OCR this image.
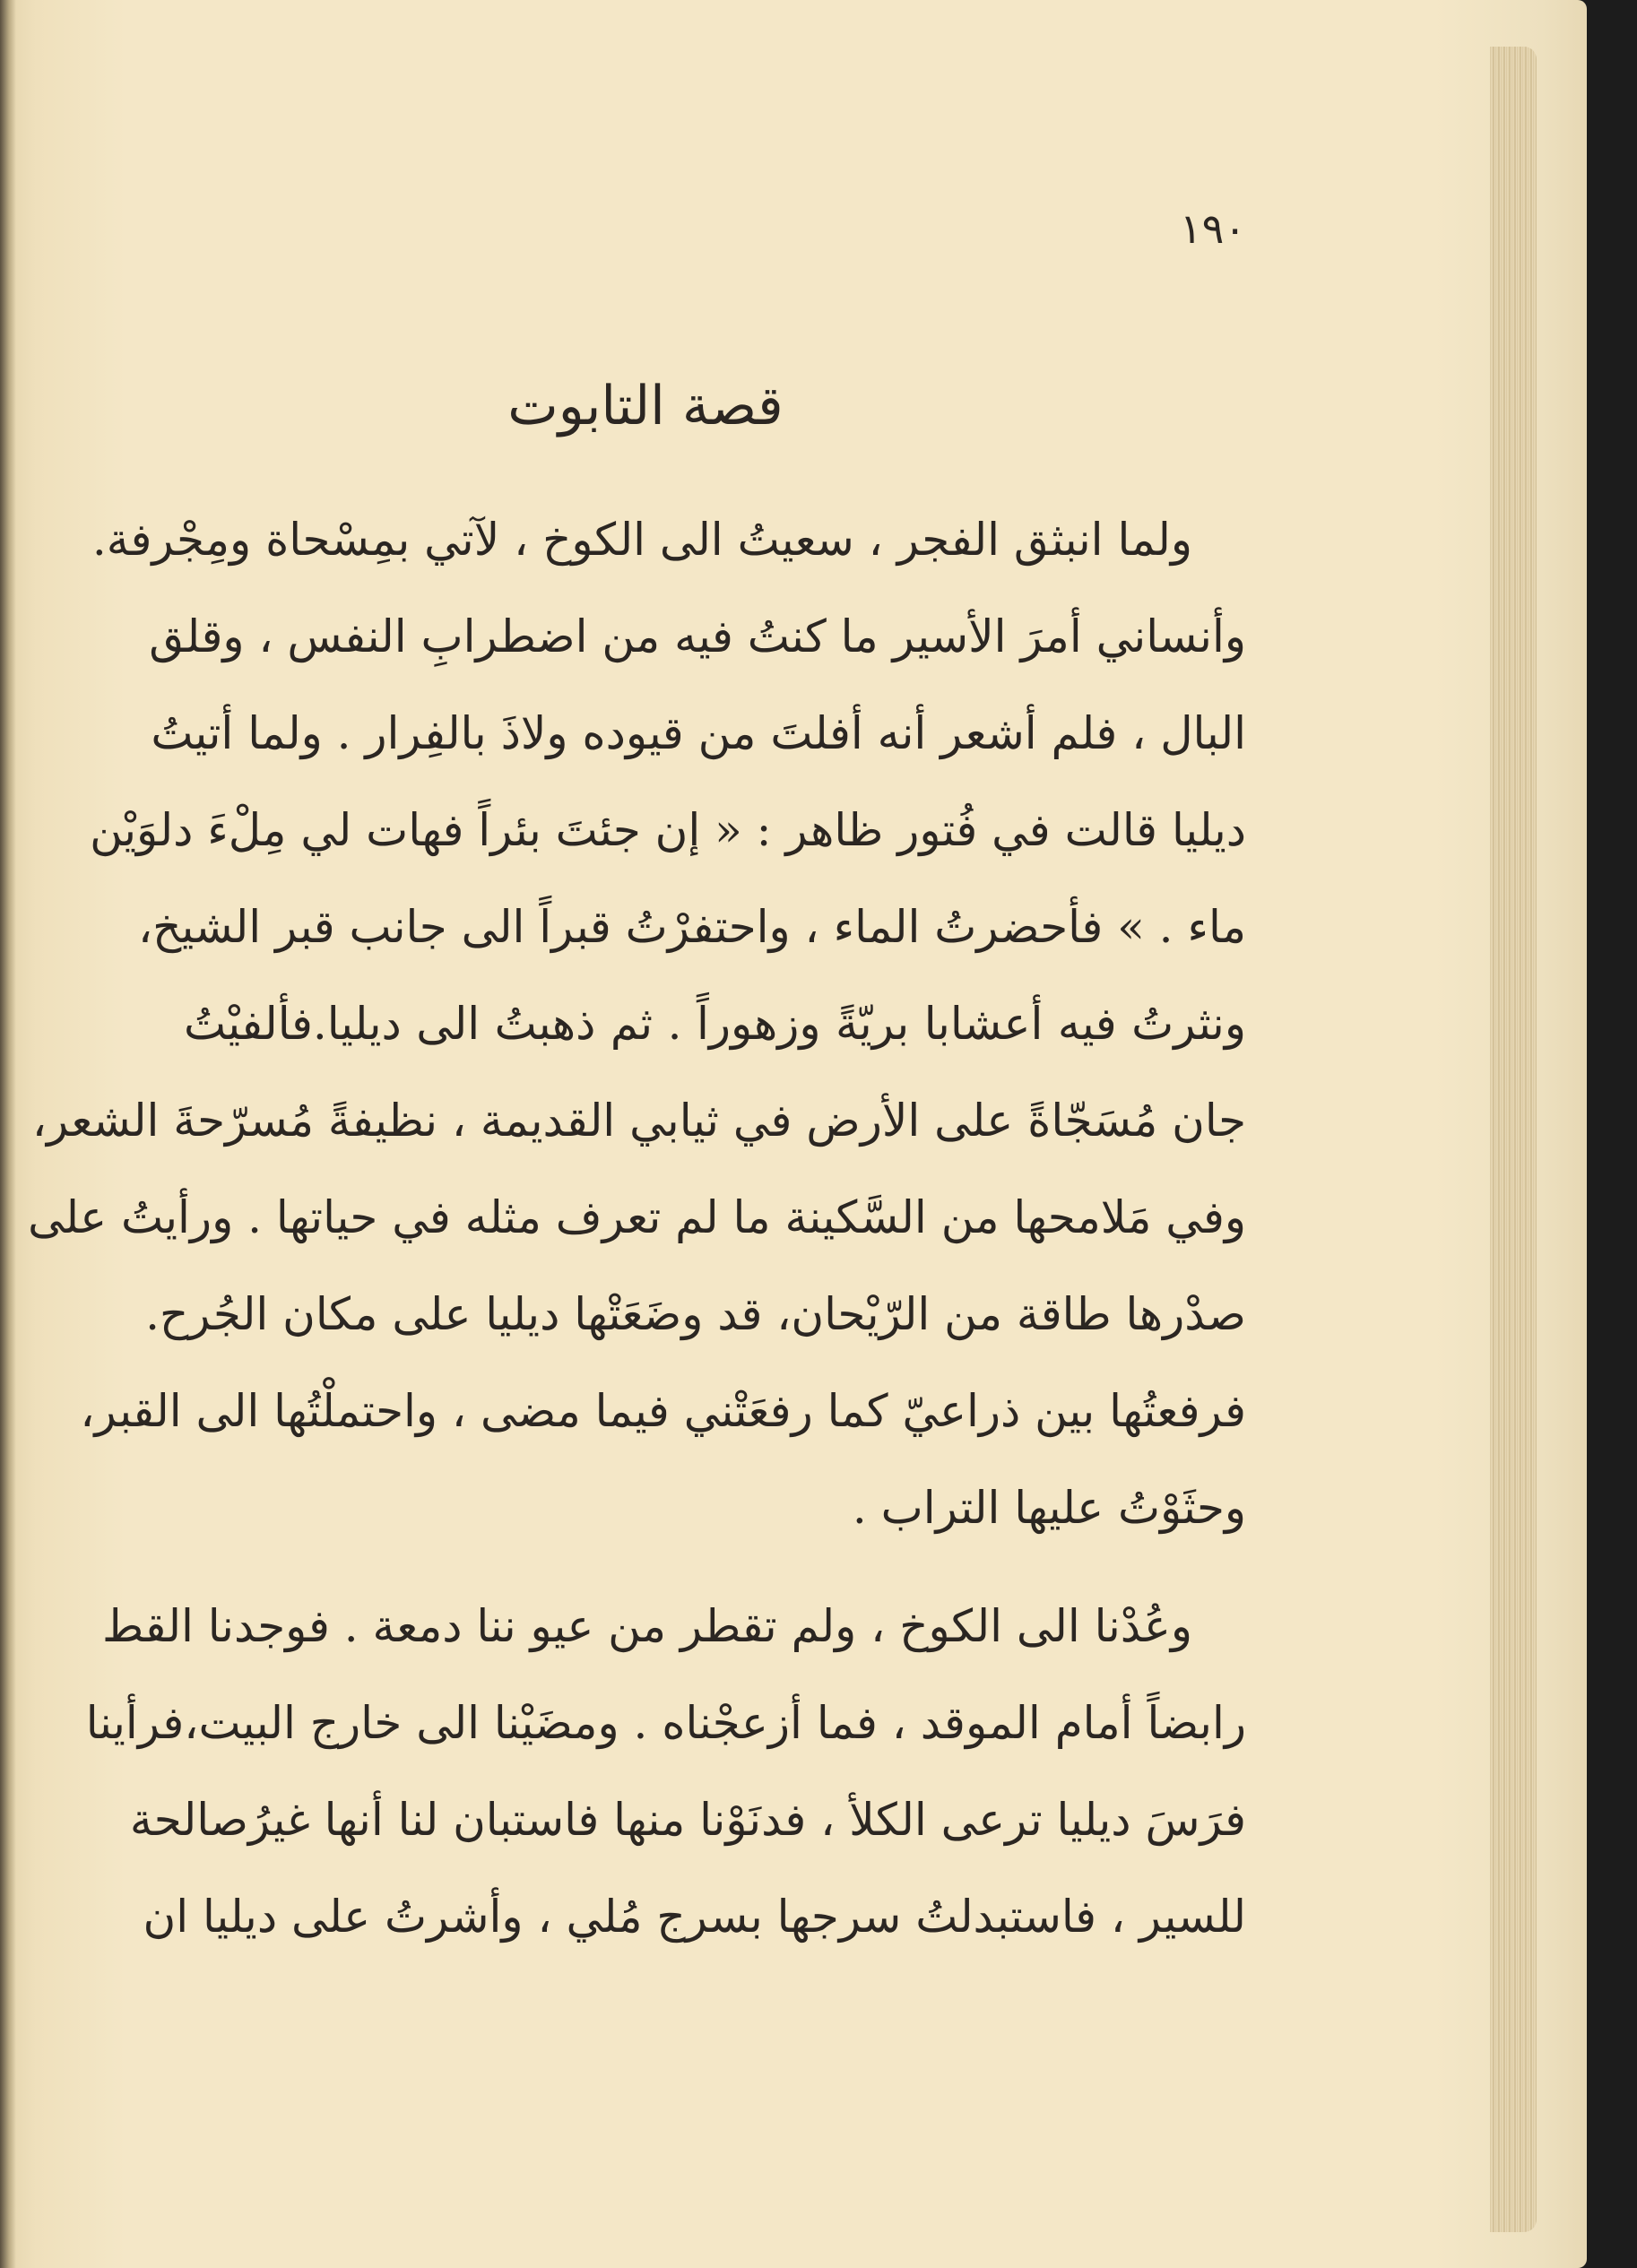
١٩٠
قصة التابوت
ولما انبثق الفجر ، سعيتُ الى الكوخ ، لآتي بمِسْحاة ومِجْرفة.
وأنساني أمرَ الأسير ما كنتُ فيه من اضطرابِ النفس ، وقلق
البال ، فلم أشعر أنه أفلتَ من قيوده ولاذَ بالفِرار . ولما أتيتُ
ديليا قالت في فُتور ظاهر : « إن جئتَ بئراً فهات لي مِلْءَ دلوَيْن
ماء . » فأحضرتُ الماء ، واحتفرْتُ قبراً الى جانب قبر الشيخ،
ونثرتُ فيه أعشابا بريّةً وزهوراً . ثم ذهبتُ الى ديليا.فألفيْتُ
جان مُسَجّاةً على الأرض في ثيابي القديمة ، نظيفةً مُسرّحةَ الشعر،
وفي مَلامحها من السَّكينة ما لم تعرف مثله في حياتها . ورأيتُ على
صدْرها طاقة من الرّيْحان، قد وضَعَتْها ديليا على مكان الجُرح.
فرفعتُها بين ذراعيّ كما رفعَتْني فيما مضى ، واحتملْتُها الى القبر،
وحثَوْتُ عليها التراب .
وعُدْنا الى الكوخ ، ولم تقطر من عيو ننا دمعة . فوجدنا القط
رابضاً أمام الموقد ، فما أزعجْناه . ومضَيْنا الى خارج البيت،فرأينا
فرَسَ ديليا ترعى الكلأ ، فدنَوْنا منها فاستبان لنا أنها غيرُصالحة
للسير ، فاستبدلتُ سرجها بسرج مُلي ، وأشرتُ على ديليا ان
